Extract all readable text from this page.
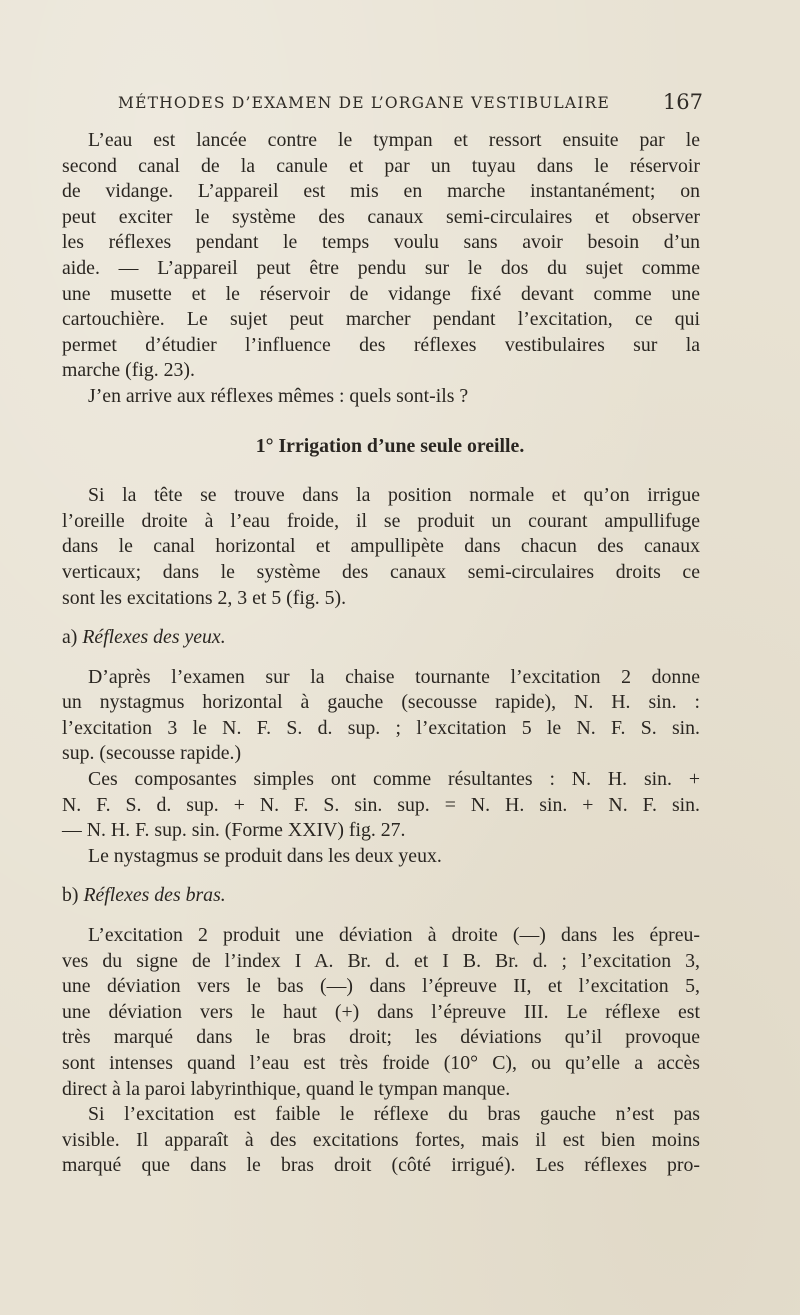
MÉTHODES D’EXAMEN DE L’ORGANE VESTIBULAIRE	167
L’eau est lancée contre le tympan et ressort ensuite par le
second canal de la canule et par un tuyau dans le réservoir
de vidange. L’appareil est mis en marche instantanément; on
peut exciter le système des canaux semi-circulaires et observer
les réflexes pendant le temps voulu sans avoir besoin d’un
aide. — L’appareil peut être pendu sur le dos du sujet comme
une musette et le réservoir de vidange fixé devant comme une
cartouchière. Le sujet peut marcher pendant l’excitation, ce qui
permet d’étudier l’influence des réflexes vestibulaires sur la
marche (fig. 23).
J’en arrive aux réflexes mêmes : quels sont-ils ?
1° Irrigation d’une seule oreille.
Si la tête se trouve dans la position normale et qu’on irrigue
l’oreille droite à l’eau froide, il se produit un courant ampullifuge
dans le canal horizontal et ampullipète dans chacun des canaux
verticaux; dans le système des canaux semi-circulaires droits ce
sont les excitations 2, 3 et 5 (fig. 5).
a) Réflexes des yeux.
D’après l’examen sur la chaise tournante l’excitation 2 donne
un nystagmus horizontal à gauche (secousse rapide), N. H. sin. :
l’excitation 3 le N. F. S. d. sup. ; l’excitation 5 le N. F. S. sin.
sup. (secousse rapide.)
Ces composantes simples ont comme résultantes : N. H. sin. +
N. F. S. d. sup. + N. F. S. sin. sup. = N. H. sin. + N. F. sin.
— N. H. F. sup. sin. (Forme XXIV) fig. 27.
Le nystagmus se produit dans les deux yeux.
b) Réflexes des bras.
L’excitation 2 produit une déviation à droite (—) dans les épreu-
ves du signe de l’index I A. Br. d. et I B. Br. d. ; l’excitation 3,
une déviation vers le bas (—) dans l’épreuve II, et l’excitation 5,
une déviation vers le haut (+) dans l’épreuve III. Le réflexe est
très marqué dans le bras droit; les déviations qu’il provoque
sont intenses quand l’eau est très froide (10° C), ou qu’elle a accès
direct à la paroi labyrinthique, quand le tympan manque.
Si l’excitation est faible le réflexe du bras gauche n’est pas
visible. Il apparaît à des excitations fortes, mais il est bien moins
marqué que dans le bras droit (côté irrigué). Les réflexes pro-
